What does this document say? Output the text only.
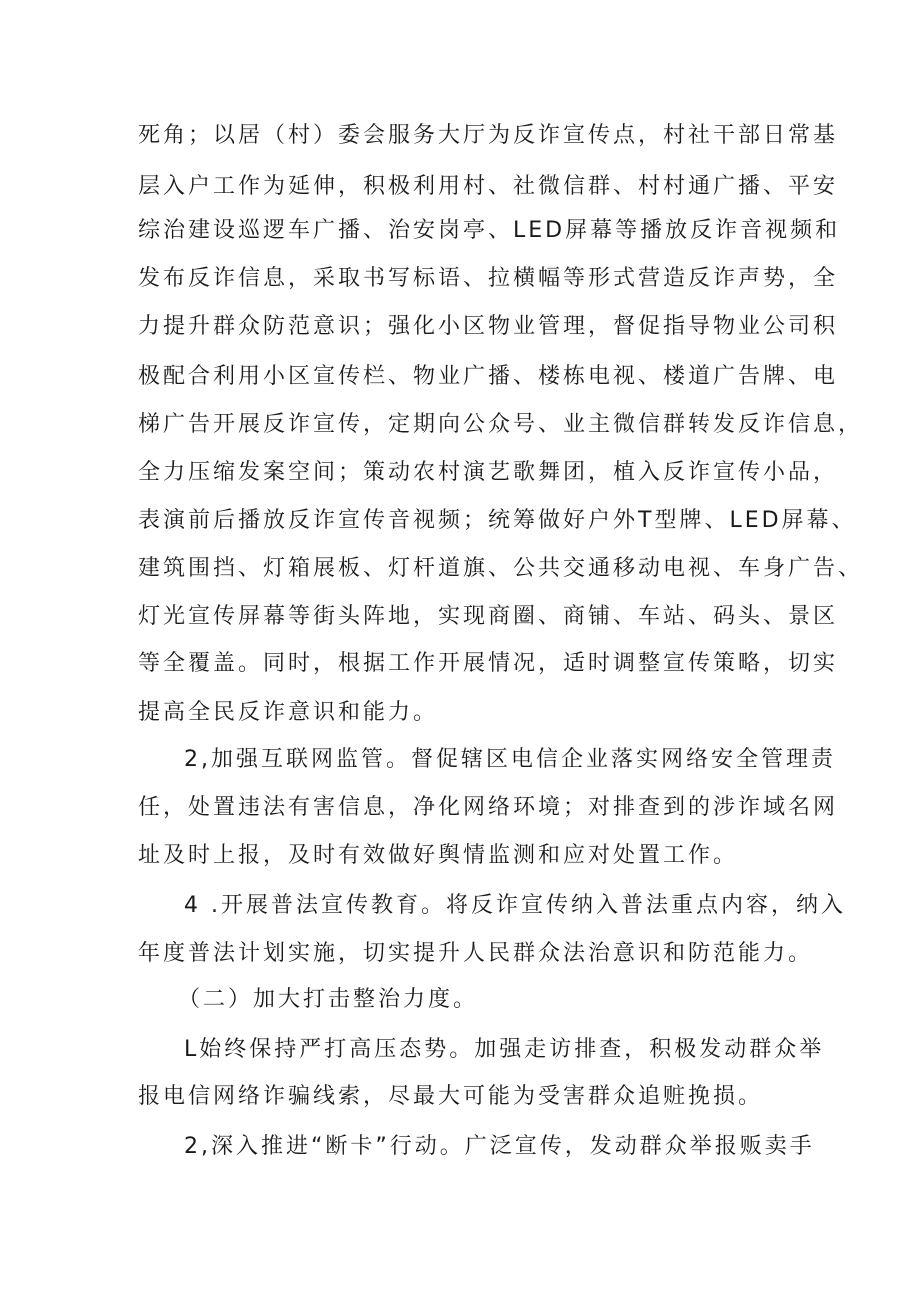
死角；以居（村）委会服务大厅为反诈宣传点，村社干部日常基
层入户工作为延伸，积极利用村、社微信群、村村通广播、平安
综治建设巡逻车广播、治安岗亭、LED屏幕等播放反诈音视频和
发布反诈信息，采取书写标语、拉横幅等形式营造反诈声势，全
力提升群众防范意识；强化小区物业管理，督促指导物业公司积
极配合利用小区宣传栏、物业广播、楼栋电视、楼道广告牌、电
梯广告开展反诈宣传，定期向公众号、业主微信群转发反诈信息，
全力压缩发案空间；策动农村演艺歌舞团，植入反诈宣传小品，
表演前后播放反诈宣传音视频；统筹做好户外T型牌、LED屏幕、
建筑围挡、灯箱展板、灯杆道旗、公共交通移动电视、车身广告、
灯光宣传屏幕等街头阵地，实现商圈、商铺、车站、码头、景区
等全覆盖。同时，根据工作开展情况，适时调整宣传策略，切实
提高全民反诈意识和能力。
2,加强互联网监管。督促辖区电信企业落实网络安全管理责
任，处置违法有害信息，净化网络环境；对排查到的涉诈域名网
址及时上报，及时有效做好舆情监测和应对处置工作。
4 .开展普法宣传教育。将反诈宣传纳入普法重点内容，纳入
年度普法计划实施，切实提升人民群众法治意识和防范能力。
（二）加大打击整治力度。
L始终保持严打高压态势。加强走访排查，积极发动群众举
报电信网络诈骗线索，尽最大可能为受害群众追赃挽损。
2,深入推进“断卡”行动。广泛宣传，发动群众举报贩卖手
